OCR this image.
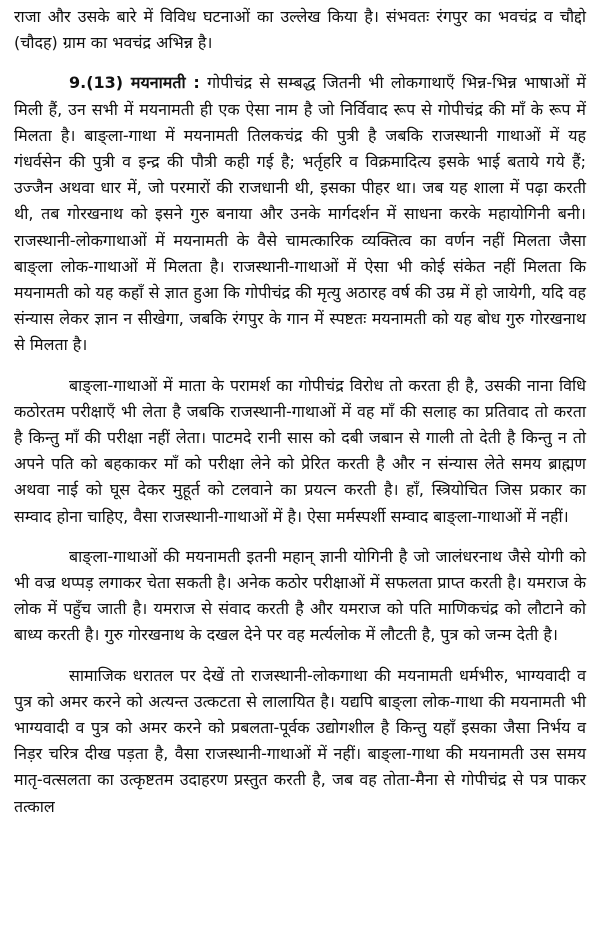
राजा और उसके बारे में विविध घटनाओं का उल्लेख किया है। संभवतः रंगपुर का भवचंद्र व चौद्दो (चौदह) ग्राम का भवचंद्र अभिन्न है।

9.(13) मयनामती : गोपीचंद्र से सम्बद्ध जितनी भी लोकगाथाएँ भिन्न-भिन्न भाषाओं में मिली हैं, उन सभी में मयनामती ही एक ऐसा नाम है जो निर्विवाद रूप से गोपीचंद्र की माँ के रूप में मिलता है। बाङ्ला-गाथा में मयनामती तिलकचंद्र की पुत्री है जबकि राजस्थानी गाथाओं में यह गंधर्वसेन की पुत्री व इन्द्र की पौत्री कही गई है; भर्तृहरि व विक्रमादित्य इसके भाई बताये गये हैं; उज्जैन अथवा धार में, जो परमारों की राजधानी थी, इसका पीहर था। जब यह शाला में पढ़ा करती थी, तब गोरखनाथ को इसने गुरु बनाया और उनके मार्गदर्शन में साधना करके महायोगिनी बनी। राजस्थानी-लोकगाथाओं में मयनामती के वैसे चामत्कारिक व्यक्तित्व का वर्णन नहीं मिलता जैसा बाङ्ला लोक-गाथाओं में मिलता है। राजस्थानी-गाथाओं में ऐसा भी कोई संकेत नहीं मिलता कि मयनामती को यह कहाँ से ज्ञात हुआ कि गोपीचंद्र की मृत्यु अठारह वर्ष की उम्र में हो जायेगी, यदि वह संन्यास लेकर ज्ञान न सीखेगा, जबकि रंगपुर के गान में स्पष्टतः मयनामती को यह बोध गुरु गोरखनाथ से मिलता है।

बाङ्ला-गाथाओं में माता के परामर्श का गोपीचंद्र विरोध तो करता ही है, उसकी नाना विधि कठोरतम परीक्षाएँ भी लेता है जबकि राजस्थानी-गाथाओं में वह माँ की सलाह का प्रतिवाद तो करता है किन्तु माँ की परीक्षा नहीं लेता। पाटमदे रानी सास को दबी जबान से गाली तो देती है किन्तु न तो अपने पति को बहकाकर माँ को परीक्षा लेने को प्रेरित करती है और न संन्यास लेते समय ब्राह्मण अथवा नाई को घूस देकर मुहूर्त को टलवाने का प्रयत्न करती है। हाँ, स्त्रियोचित जिस प्रकार का सम्वाद होना चाहिए, वैसा राजस्थानी-गाथाओं में है। ऐसा मर्मस्पर्शी सम्वाद बाङ्ला-गाथाओं में नहीं।

बाङ्ला-गाथाओं की मयनामती इतनी महान् ज्ञानी योगिनी है जो जालंधरनाथ जैसे योगी को भी वज्र थप्पड़ लगाकर चेता सकती है। अनेक कठोर परीक्षाओं में सफलता प्राप्त करती है। यमराज के लोक में पहुँच जाती है। यमराज से संवाद करती है और यमराज को पति माणिकचंद्र को लौटाने को बाध्य करती है। गुरु गोरखनाथ के दखल देने पर वह मर्त्यलोक में लौटती है, पुत्र को जन्म देती है।

सामाजिक धरातल पर देखें तो राजस्थानी-लोकगाथा की मयनामती धर्मभीरु, भाग्यवादी व पुत्र को अमर करने को अत्यन्त उत्कटता से लालायित है। यद्यपि बाङ्ला लोक-गाथा की मयनामती भी भाग्यवादी व पुत्र को अमर करने को प्रबलता-पूर्वक उद्योगशील है किन्तु यहाँ इसका जैसा निर्भय व निड़र चरित्र दीख पड़ता है, वैसा राजस्थानी-गाथाओं में नहीं। बाङ्ला-गाथा की मयनामती उस समय मातृ-वत्सलता का उत्कृष्टतम उदाहरण प्रस्तुत करती है, जब वह तोता-मैना से गोपीचंद्र से पत्र पाकर तत्काल
